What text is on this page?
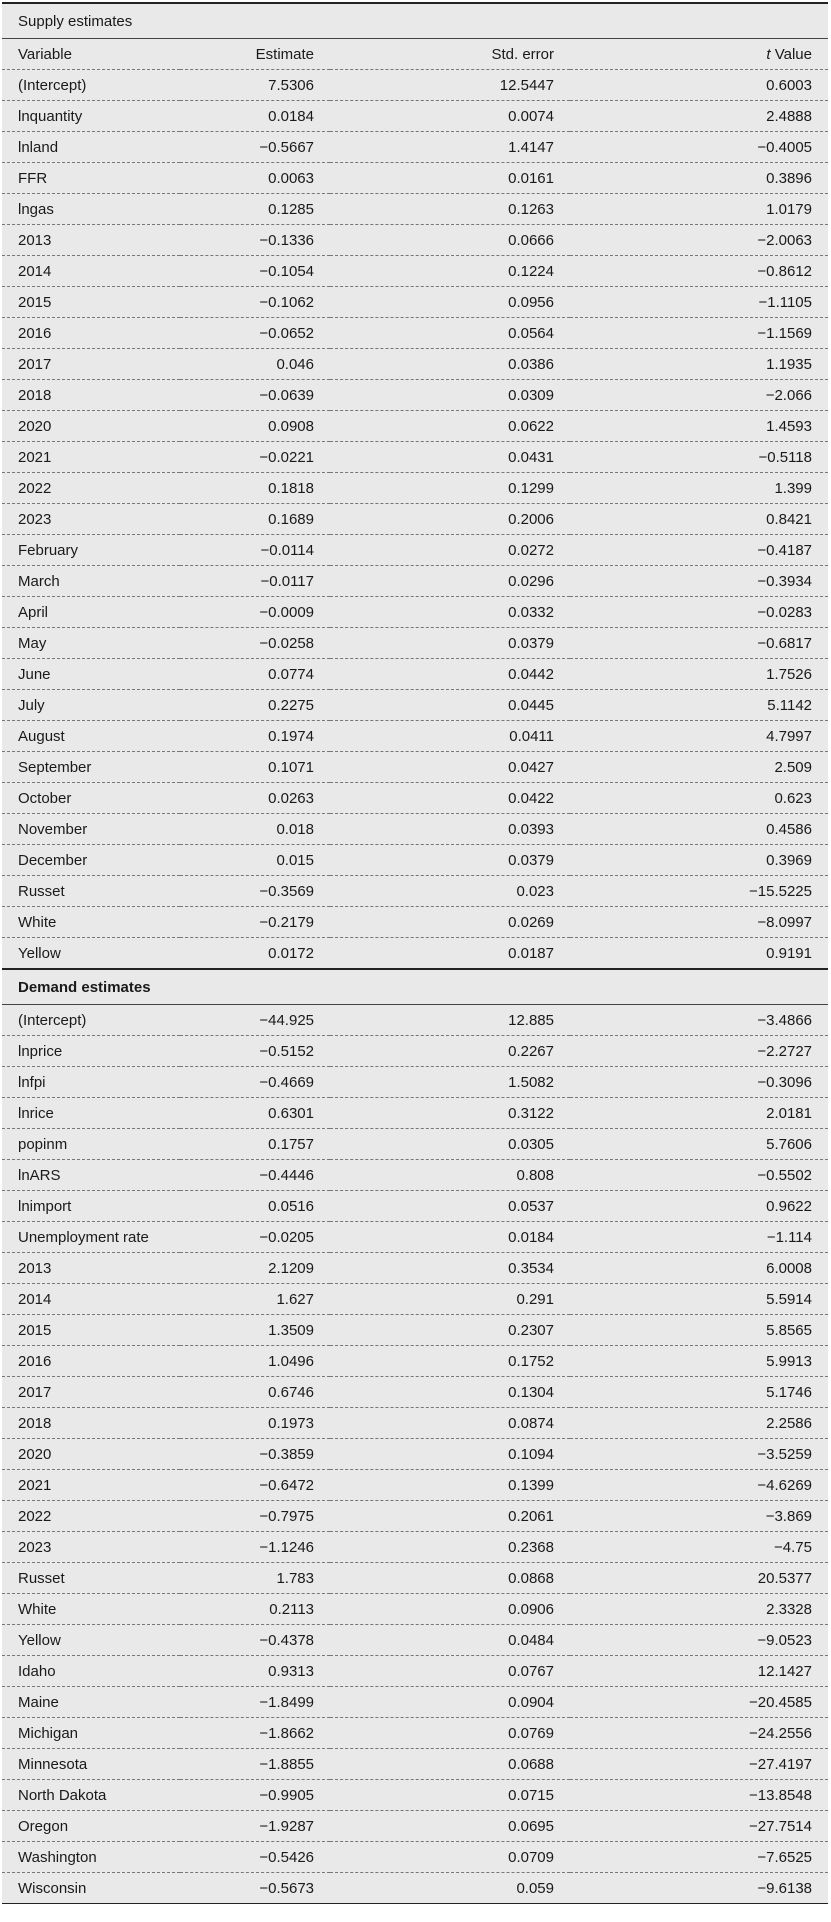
Supply estimates			
Variable	Estimate	Std. error	t Value
(Intercept)	7.5306	12.5447	0.6003
lnquantity	0.0184	0.0074	2.4888
lnland	−0.5667	1.4147	−0.4005
FFR	0.0063	0.0161	0.3896
lngas	0.1285	0.1263	1.0179
2013	−0.1336	0.0666	−2.0063
2014	−0.1054	0.1224	−0.8612
2015	−0.1062	0.0956	−1.1105
2016	−0.0652	0.0564	−1.1569
2017	0.046	0.0386	1.1935
2018	−0.0639	0.0309	−2.066
2020	0.0908	0.0622	1.4593
2021	−0.0221	0.0431	−0.5118
2022	0.1818	0.1299	1.399
2023	0.1689	0.2006	0.8421
February	−0.0114	0.0272	−0.4187
March	−0.0117	0.0296	−0.3934
April	−0.0009	0.0332	−0.0283
May	−0.0258	0.0379	−0.6817
June	0.0774	0.0442	1.7526
July	0.2275	0.0445	5.1142
August	0.1974	0.0411	4.7997
September	0.1071	0.0427	2.509
October	0.0263	0.0422	0.623
November	0.018	0.0393	0.4586
December	0.015	0.0379	0.3969
Russet	−0.3569	0.023	−15.5225
White	−0.2179	0.0269	−8.0997
Yellow	0.0172	0.0187	0.9191
Demand estimates			
(Intercept)	−44.925	12.885	−3.4866
lnprice	−0.5152	0.2267	−2.2727
lnfpi	−0.4669	1.5082	−0.3096
lnrice	0.6301	0.3122	2.0181
popinm	0.1757	0.0305	5.7606
lnARS	−0.4446	0.808	−0.5502
lnimport	0.0516	0.0537	0.9622
Unemployment rate	−0.0205	0.0184	−1.114
2013	2.1209	0.3534	6.0008
2014	1.627	0.291	5.5914
2015	1.3509	0.2307	5.8565
2016	1.0496	0.1752	5.9913
2017	0.6746	0.1304	5.1746
2018	0.1973	0.0874	2.2586
2020	−0.3859	0.1094	−3.5259
2021	−0.6472	0.1399	−4.6269
2022	−0.7975	0.2061	−3.869
2023	−1.1246	0.2368	−4.75
Russet	1.783	0.0868	20.5377
White	0.2113	0.0906	2.3328
Yellow	−0.4378	0.0484	−9.0523
Idaho	0.9313	0.0767	12.1427
Maine	−1.8499	0.0904	−20.4585
Michigan	−1.8662	0.0769	−24.2556
Minnesota	−1.8855	0.0688	−27.4197
North Dakota	−0.9905	0.0715	−13.8548
Oregon	−1.9287	0.0695	−27.7514
Washington	−0.5426	0.0709	−7.6525
Wisconsin	−0.5673	0.059	−9.6138
